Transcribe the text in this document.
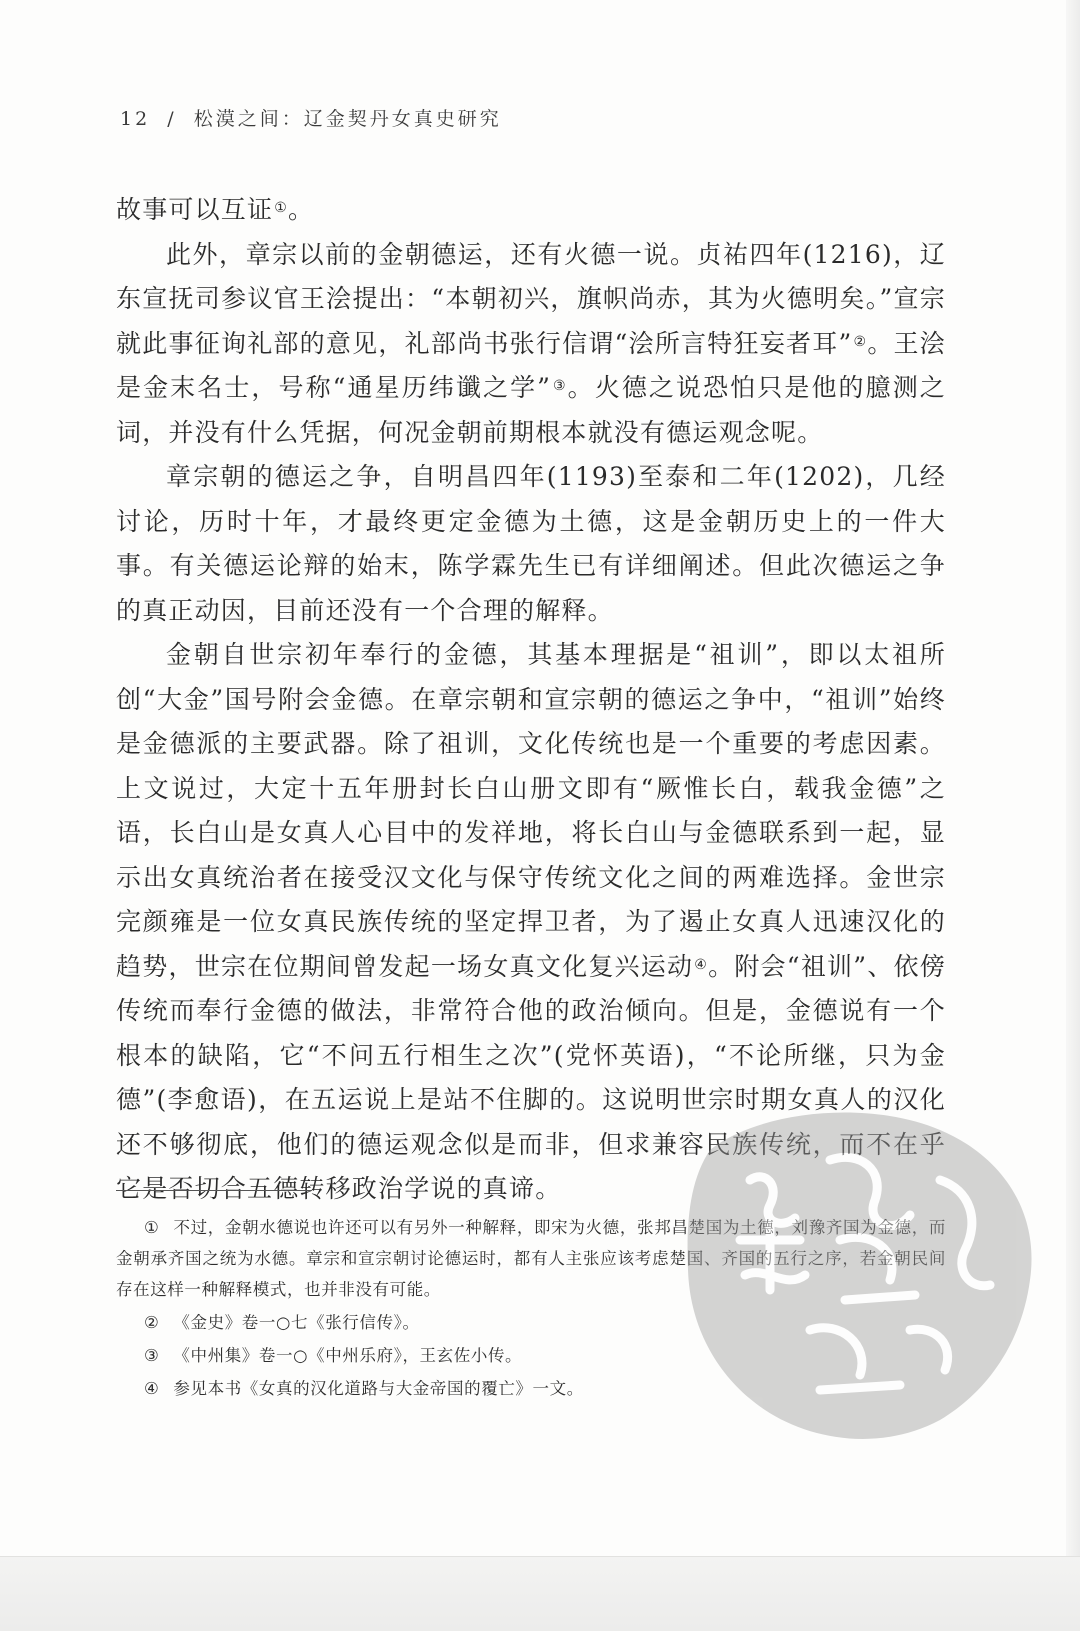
12 / 松漠之间：辽金契丹女真史研究

故事可以互证①。

此外，章宗以前的金朝德运，还有火德一说。贞祐四年(1216)，辽东宣抚司参议官王浍提出：“本朝初兴，旗帜尚赤，其为火德明矣。”宣宗就此事征询礼部的意见，礼部尚书张行信谓“浍所言特狂妄者耳”②。王浍是金末名士，号称“通星历纬谶之学”③。火德之说恐怕只是他的臆测之词，并没有什么凭据，何况金朝前期根本就没有德运观念呢。

章宗朝的德运之争，自明昌四年(1193)至泰和二年(1202)，几经讨论，历时十年，才最终更定金德为土德，这是金朝历史上的一件大事。有关德运论辩的始末，陈学霖先生已有详细阐述。但此次德运之争的真正动因，目前还没有一个合理的解释。

金朝自世宗初年奉行的金德，其基本理据是“祖训”，即以太祖所创“大金”国号附会金德。在章宗朝和宣宗朝的德运之争中，“祖训”始终是金德派的主要武器。除了祖训，文化传统也是一个重要的考虑因素。上文说过，大定十五年册封长白山册文即有“厥惟长白，载我金德”之语，长白山是女真人心目中的发祥地，将长白山与金德联系到一起，显示出女真统治者在接受汉文化与保守传统文化之间的两难选择。金世宗完颜雍是一位女真民族传统的坚定捍卫者，为了遏止女真人迅速汉化的趋势，世宗在位期间曾发起一场女真文化复兴运动④。附会“祖训”、依傍传统而奉行金德的做法，非常符合他的政治倾向。但是，金德说有一个根本的缺陷，它“不问五行相生之次”(党怀英语)，“不论所继，只为金德”(李愈语)，在五运说上是站不住脚的。这说明世宗时期女真人的汉化还不够彻底，他们的德运观念似是而非，但求兼容民族传统，而不在乎它是否切合五德转移政治学说的真谛。

① 不过，金朝水德说也许还可以有另外一种解释，即宋为火德，张邦昌楚国为土德，刘豫齐国为金德，而金朝承齐国之统为水德。章宗和宣宗朝讨论德运时，都有人主张应该考虑楚国、齐国的五行之序，若金朝民间存在这样一种解释模式，也并非没有可能。

② 《金史》卷一○七《张行信传》。

③ 《中州集》卷一○《中州乐府》，王玄佐小传。

④ 参见本书《女真的汉化道路与大金帝国的覆亡》一文。
